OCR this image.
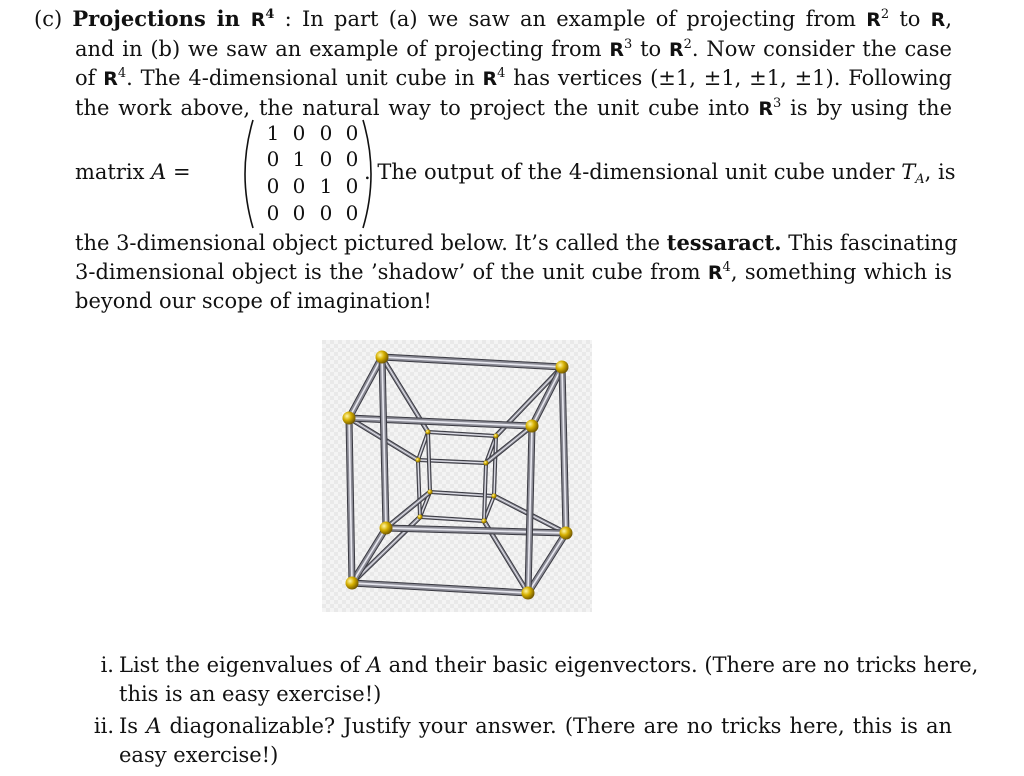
(c) Projections in $R^4$ : In part (a) we saw an example of projecting from $R^2$ to R,
and in (b) we saw an example of projecting from $R^3$ to $R^2$. Now consider the case
of $R^4$. The 4-dimensional unit cube in $R^4$ has vertices (±1, ±1, ±1, ±1). Following
the work above, the natural way to project the unit cube into $R^3$ is by using the
matrix A =
1 0 0 0
0 1 0 0
0 0 1 0
0 0 0 0
. The output of the 4-dimensional unit cube under $T_A$, is
the 3-dimensional object pictured below. It’s called the tessaract. This fascinating
3-dimensional object is the ’shadow’ of the unit cube from $R^4$, something which is
beyond our scope of imagination!
i. List the eigenvalues of A and their basic eigenvectors. (There are no tricks here,
this is an easy exercise!)
ii. Is A diagonalizable? Justify your answer. (There are no tricks here, this is an
easy exercise!)
